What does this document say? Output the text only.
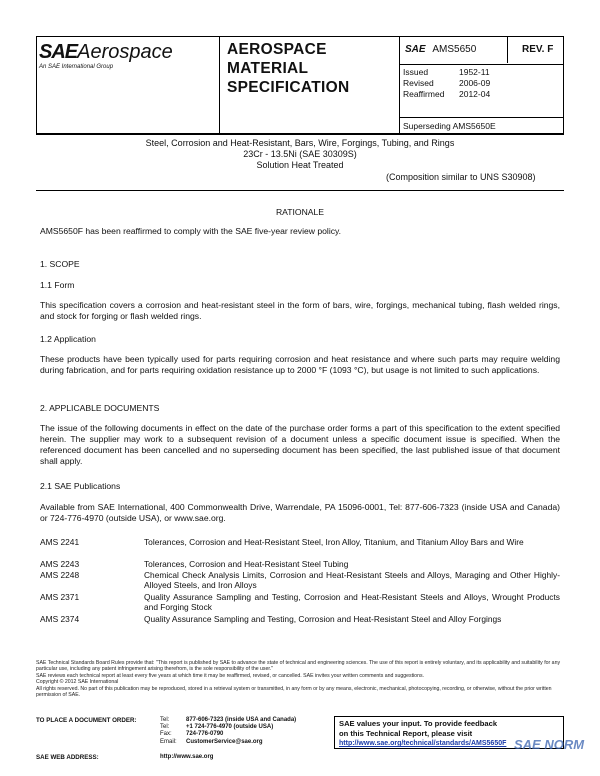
SAEAerospace
An SAE International Group
AEROSPACE
MATERIAL
SPECIFICATION
SAE AMS5650	REV. F
Issued	1952-11
Revised	2006-09
Reaffirmed 2012-04
Superseding AMS5650E
Steel, Corrosion and Heat-Resistant, Bars, Wire, Forgings, Tubing, and Rings
23Cr - 13.5Ni (SAE 30309S)
Solution Heat Treated
(Composition similar to UNS S30908)
RATIONALE
AMS5650F has been reaffirmed to comply with the SAE five-year review policy.
1. SCOPE
1.1 Form
This specification covers a corrosion and heat-resistant steel in the form of bars, wire, forgings, mechanical tubing, flash welded rings, and stock for forging or flash welded rings.
1.2 Application
These products have been typically used for parts requiring corrosion and heat resistance and where such parts may require welding during fabrication, and for parts requiring oxidation resistance up to 2000 °F (1093 °C), but usage is not limited to such applications.
2. APPLICABLE DOCUMENTS
The issue of the following documents in effect on the date of the purchase order forms a part of this specification to the extent specified herein. The supplier may work to a subsequent revision of a document unless a specific document issue is specified. When the referenced document has been cancelled and no superseding document has been specified, the last published issue of that document shall apply.
2.1 SAE Publications
Available from SAE International, 400 Commonwealth Drive, Warrendale, PA 15096-0001, Tel: 877-606-7323 (inside USA and Canada) or 724-776-4970 (outside USA), or www.sae.org.
AMS 2241	Tolerances, Corrosion and Heat-Resistant Steel, Iron Alloy, Titanium, and Titanium Alloy Bars and Wire
AMS 2243	Tolerances, Corrosion and Heat-Resistant Steel Tubing
AMS 2248	Chemical Check Analysis Limits, Corrosion and Heat-Resistant Steels and Alloys, Maraging and Other Highly-Alloyed Steels, and Iron Alloys
AMS 2371	Quality Assurance Sampling and Testing, Corrosion and Heat-Resistant Steels and Alloys, Wrought Products and Forging Stock
AMS 2374	Quality Assurance Sampling and Testing, Corrosion and Heat-Resistant Steel and Alloy Forgings
SAE Technical Standards Board Rules provide that: "This report is published by SAE to advance the state of technical and engineering sciences. The use of this report is entirely voluntary, and its applicability and suitability for any particular use, including any patent infringement arising therefrom, is the sole responsibility of the user."
SAE reviews each technical report at least every five years at which time it may be reaffirmed, revised, or cancelled. SAE invites your written comments and suggestions.
Copyright © 2012 SAE International
All rights reserved. No part of this publication may be reproduced, stored in a retrieval system or transmitted, in any form or by any means, electronic, mechanical, photocopying, recording, or otherwise, without the prior written permission of SAE.
TO PLACE A DOCUMENT ORDER:	Tel:	877-606-7323 (inside USA and Canada)
Tel:	+1 724-776-4970 (outside USA)
Fax: 724-776-0790
Email: CustomerService@sae.org
SAE WEB ADDRESS:	http://www.sae.org
SAE values your input. To provide feedback
on this Technical Report, please visit
http://www.sae.org/technical/standards/AMS5650F SAE NORM
